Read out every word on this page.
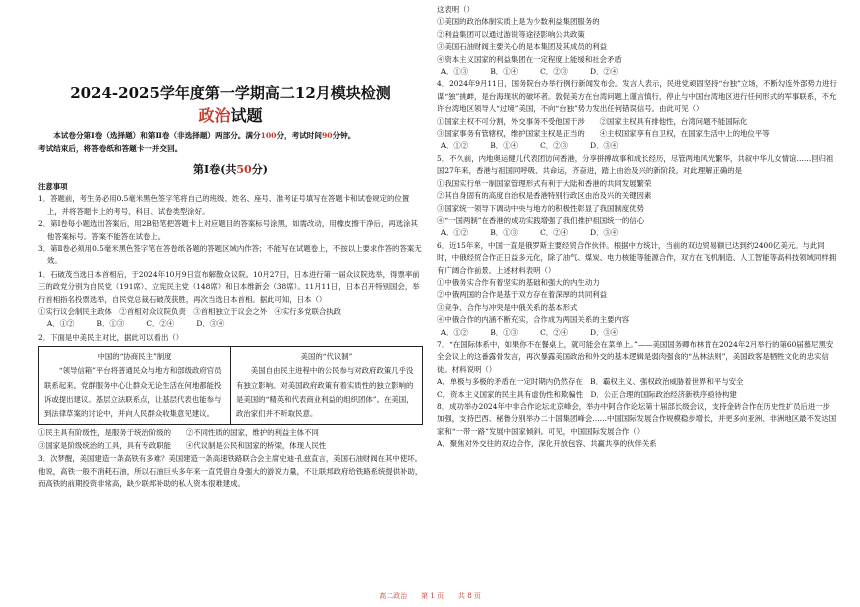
2024-2025学年度第一学期高二12月模块检测
政治试题
本试卷分第Ⅰ卷（选择题）和第Ⅱ卷（非选择题）两部分。满分100分，考试时间90分钟。
考试结束后，将答卷纸和答题卡一并交回。
第Ⅰ卷(共50分)
注意事项

1．答题前，考生务必用0.5毫米黑色签字笔将自己的班级、姓名、座号、准考证号填写在答题卡和试卷规定的位置上，并将答题卡上的考号、科目、试卷类型涂好。

2．第Ⅰ卷每小题选出答案后，用2B铅笔把答题卡上对应题目的答案标号涂黑，如需改动，用橡皮擦干净后，再选涂其他答案标号。答案不能答在试卷上。

3．第Ⅱ卷必须用0.5毫米黑色签字笔在答卷纸各题的答题区域内作答；不能写在试题卷上，不按以上要求作答的答案无效。

1．石破茂当选日本首相后，于2024年10月9日宣布解散众议院。10月27日，日本进行第一届众议院选举，得票率前三的政党分别为自民党（191席）、立宪民主党（148席）和日本维新会（38席）。11月11日，日本召开特别国会，举行首相指名投票选举，自民党总裁石破茂获胜，再次当选日本首相。据此可知，日本（）

①实行议会制民主政体　②首相对众议院负责　③首相独立于议会之外　④实行多党联合执政

A．①②　　　B．①③　　　C．②④　　　D．③④

2．下面是中美民主对比，据此可以看出（）

中国的“协商民主”制度
“领导信箱”平台将普通民众与地方和部级政府官员联系起来。党群服务中心让群众无论生活在何地都能投诉或提出建议。基层立法联系点，让基层代表也能参与到法律草案的讨论中，并向人民群众收集意见建议。
美国的“代议制”
美国自由民主进程中的公民参与对政府政策几乎没有独立影响。对美国政府政策有着实质性的独立影响的是美国的“精英和代表商业利益的组织团体”。在美国，政治家们并不听取民意。

①民主具有阶级性，是服务于统治阶级的　　②不同性质的国家，维护的利益主体不同

③国家是阶级统治的工具，具有专政职能　　④代议制是公民和国家的桥梁，体现人民性

3．次梦醒，美国建造一条高铁有多难？美国建造一条高速铁路联合会主席史迪·孔兹直言，美国石油财阀在其中使坏。他说，高铁一般不消耗石油，所以石油巨头多年来一直凭借自身强大的游说力量，不让联邦政府给铁路系统提供补助，而高铁的前期投资非常高，缺少联邦补助的私人资本很难建成。

这表明（）

①美国的政治体制实质上是为少数利益集团服务的

②利益集团可以通过游说等途径影响公共政策

③美国石油财阀主要关心的是本集团及其成员的利益

④资本主义国家的利益集团在一定程度上能缓和社会矛盾

A．①③　　　B．①④　　　C．②③　　　D．②④

4．2024年9月11日，国务院台办举行例行新闻发布会。发言人表示，民进党顽固坚持“台独”立场，不断勾连外部势力进行谋“独”挑衅，是台海现状的破坏者。敦促美方在台湾问题上谨言慎行，停止与中国台湾地区进行任何形式的军事联系，不允许台湾地区领导人“过境”美国，不向“台独”势力发出任何错误信号。由此可见（）

①国家主权不可分割，外交事务不受他国干涉　　②国家主权具有排他性，台湾问题不能国际化

③国家事务有管辖权，维护国家主权是正当的　　④主权国家享有自卫权，在国家生活中上的地位平等

A．①②　　　B．①④　　　C．②③　　　D．③④

5．不久前，内地奥运健儿代表团访问香港，分享拼搏故事和成长经历，尽管两地风光繁华，共叙中华儿女情谊……回归祖国27年来，香港与祖国同呼吸、共命运，齐奋进，踏上由治及兴的新阶段。对此理解正确的是

①我国实行单一制国家管理形式有利于大陆和香港的共同发展繁荣

②其自身固有的高度自治权是香港特别行政区由治及兴的关键因素

③国家统一领导下调动中央与地方的积极性彰显了我国制度优势

④“一国两制”在香港的成功实践增强了我们推护祖国统一的信心

A．①②　　　B．①③　　　C．②④　　　D．③④

6．近15年来，中国一直是俄罗斯主要经贸合作伙伴。根据中方统计，当前的双边贸易额已达到约2400亿美元。与此同时，中俄经贸合作正日益多元化，除了油气、煤炭、电力核能等能源合作，双方在飞机制造、人工智能等高科技领域同样拥有广阔合作前景。上述材料表明（）

①中俄务实合作有着坚实的基础和强大的内生动力

②中俄两国的合作是基于双方存在着深厚的共同利益

③竞争、合作与冲突是中俄关系的基本形式

④中俄合作的内涵不断充实，合作成为两国关系的主要内容

A．①②　　　B．①③　　　C．②④　　　D．③④

7．“在国际体系中，如果你不在餐桌上，就可能会在菜单上。”——美国国务卿布林肯在2024年2月举行的第60届慕尼黑安全会议上的这番露骨发言，再次暴露美国政治和外交的基本逻辑是弱肉强食的“丛林法则”，美国政客是牺牲文化的忠实信徒。材料说明（）

A．单极与多极的矛盾在一定时期内仍然存在　B．霸权主义、强权政治威胁着世界和平与安全

C．资本主义国家的民主具有虚伪性和欺骗性　D．公正合理的国际政治经济新秩序亟待构建

8．成功举办2024年中非合作论坛北京峰会，举办中阿合作论坛第十届部长级会议，支持金砖合作在历史性扩员后进一步加强，支持巴西、秘鲁分别举办二十国集团峰会……中国国际发展合作规模稳步增长，并更多向亚洲、非洲地区最不发达国家和“一带一路”发展中国家倾斜。可见，中国国际发展合作（）

A．聚焦对外交往的双边合作，深化开放包容、共赢共享的伙伴关系

高二政治　　第 1 页　　共 8 页
